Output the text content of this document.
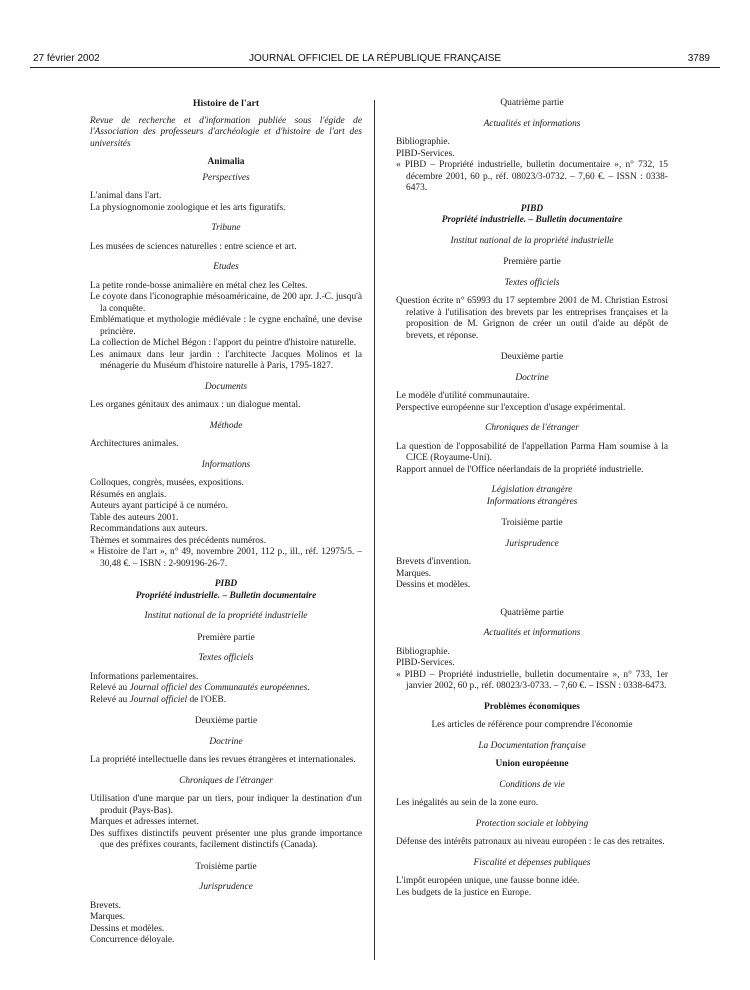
27 février 2002	JOURNAL OFFICIEL DE LA RÉPUBLIQUE FRANÇAISE	3789
Histoire de l'art
Revue de recherche et d'information publiée sous l'égide de l'Association des professeurs d'archéologie et d'histoire de l'art des universités
Animalia
Perspectives
L'animal dans l'art.
La physiognomonie zoologique et les arts figuratifs.
Tribune
Les musées de sciences naturelles : entre science et art.
Etudes
La petite ronde-bosse animalière en métal chez les Celtes.
Le coyote dans l'iconographie mésoaméricaine, de 200 apr. J.-C. jusqu'à la conquête.
Emblématique et mythologie médiévale : le cygne enchaîné, une devise princière.
La collection de Michel Bégon : l'apport du peintre d'histoire naturelle.
Les animaux dans leur jardin : l'architecte Jacques Molinos et la ménagerie du Muséum d'histoire naturelle à Paris, 1795-1827.
Documents
Les organes génitaux des animaux : un dialogue mental.
Méthode
Architectures animales.
Informations
Colloques, congrès, musées, expositions.
Résumés en anglais.
Auteurs ayant participé à ce numéro.
Table des auteurs 2001.
Recommandations aux auteurs.
Thèmes et sommaires des précédents numéros.
« Histoire de l'art », n° 49, novembre 2001, 112 p., ill., réf. 12975/5. – 30,48 €. – ISBN : 2-909196-26-7.
PIBD
Propriété industrielle. – Bulletin documentaire
Institut national de la propriété industrielle
Première partie
Textes officiels
Informations parlementaires.
Relevé au Journal officiel des Communautés européennes.
Relevé au Journal officiel de l'OEB.
Deuxième partie
Doctrine
La propriété intellectuelle dans les revues étrangères et internationales.
Chroniques de l'étranger
Utilisation d'une marque par un tiers, pour indiquer la destination d'un produit (Pays-Bas).
Marques et adresses internet.
Des suffixes distinctifs peuvent présenter une plus grande importance que des préfixes courants, facilement distinctifs (Canada).
Troisième partie
Jurisprudence
Brevets.
Marques.
Dessins et modèles.
Concurrence déloyale.
Quatrième partie
Actualités et informations
Bibliographie.
PIBD-Services.
« PIBD – Propriété industrielle, bulletin documentaire », n° 732, 15 décembre 2001, 60 p., réf. 08023/3-0732. – 7,60 €. – ISSN : 0338-6473.
PIBD
Propriété industrielle. – Bulletin documentaire
Institut national de la propriété industrielle
Première partie
Textes officiels
Question écrite n° 65993 du 17 septembre 2001 de M. Christian Estrosi relative à l'utilisation des brevets par les entreprises françaises et la proposition de M. Grignon de créer un outil d'aide au dépôt de brevets, et réponse.
Deuxième partie
Doctrine
Le modèle d'utilité communautaire.
Perspective européenne sur l'exception d'usage expérimental.
Chroniques de l'étranger
La question de l'opposabilité de l'appellation Parma Ham soumise à la CJCE (Royaume-Uni).
Rapport annuel de l'Office néerlandais de la propriété industrielle.
Législation étrangère
Informations étrangères
Troisième partie
Jurisprudence
Brevets d'invention.
Marques.
Dessins et modèles.
Quatrième partie
Actualités et informations
Bibliographie.
PIBD-Services.
« PIBD – Propriété industrielle, bulletin documentaire », n° 733, 1er janvier 2002, 60 p., réf. 08023/3-0733. – 7,60 €. – ISSN : 0338-6473.
Problèmes économiques
Les articles de référence pour comprendre l'économie
La Documentation française
Union européenne
Conditions de vie
Les inégalités au sein de la zone euro.
Protection sociale et lobbying
Défense des intérêts patronaux au niveau européen : le cas des retraites.
Fiscalité et dépenses publiques
L'impôt européen unique, une fausse bonne idée.
Les budgets de la justice en Europe.
